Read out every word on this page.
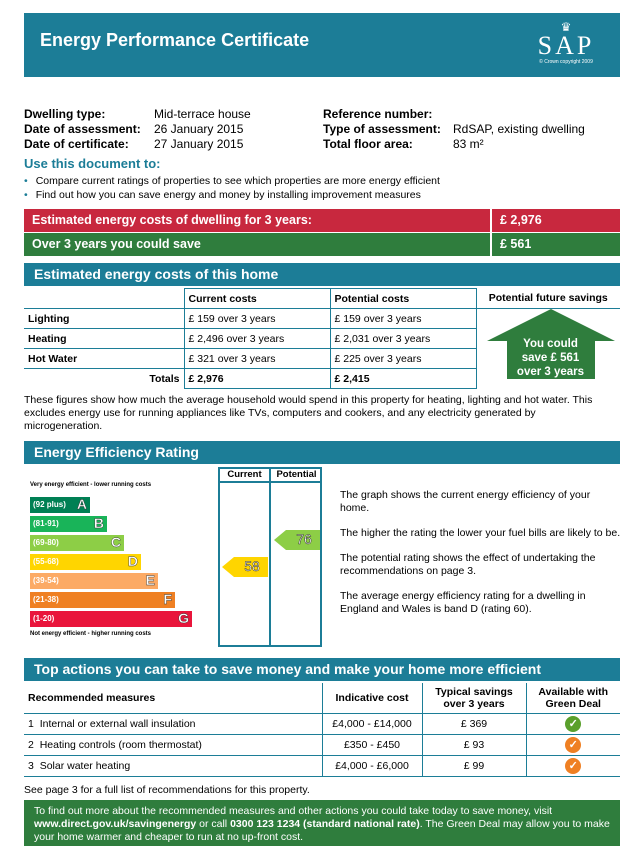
Energy Performance Certificate
♛
SAP
© Crown copyright 2009
Dwelling type:	Mid-terrace house
Date of assessment: 26 January 2015
Date of certificate: 27 January 2015
Reference number:
Type of assessment: RdSAP, existing dwelling
Total floor area:	83 m²
Use this document to:
• Compare current ratings of properties to see which properties are more energy efficient
• Find out how you can save energy and money by installing improvement measures
Estimated energy costs of dwelling for 3 years:	£ 2,976
Over 3 years you could save	£ 561
Estimated energy costs of this home
	Current costs	Potential costs	Potential future savings
Lighting	£ 159 over 3 years	£ 159 over 3 years	You could
save £ 561
over 3 years

Heating	£ 2,496 over 3 years	£ 2,031 over 3 years	
Hot Water	£ 321 over 3 years	£ 225 over 3 years	
Totals	£ 2,976	£ 2,415	
These figures show how much the average household would spend in this property for heating, lighting and hot water. This excludes energy use for running appliances like TVs, computers and cookers, and any electricity generated by microgeneration.
Energy Efficiency Rating
Current	Potential
Very energy efficient - lower running costs
Not energy efficient - higher running costs
(92 plus) A
(81-91)	B
(69-80)	C
(55-68)	D
(39-54)	E
(21-38)	F
(1-20)	G
58
76

The graph shows the current energy efficiency of your home.

The higher the rating the lower your fuel bills are likely to be.

The potential rating shows the effect of undertaking the recommendations on page 3.

The average energy efficiency rating for a dwelling in England and Wales is band D (rating 60).

Top actions you can take to save money and make your home more efficient
Recommended measures	Indicative cost	Typical savings over 3 years	Available with Green Deal
1 Internal or external wall insulation	£4,000 - £14,000	£ 369	✓
2 Heating controls (room thermostat)	£350 - £450	£ 93	✓
3 Solar water heating	£4,000 - £6,000	£ 99	✓
See page 3 for a full list of recommendations for this property.
To find out more about the recommended measures and other actions you could take today to save money, visit www.direct.gov.uk/savingenergy or call 0300 123 1234 (standard national rate). The Green Deal may allow you to make your home warmer and cheaper to run at no up-front cost.
